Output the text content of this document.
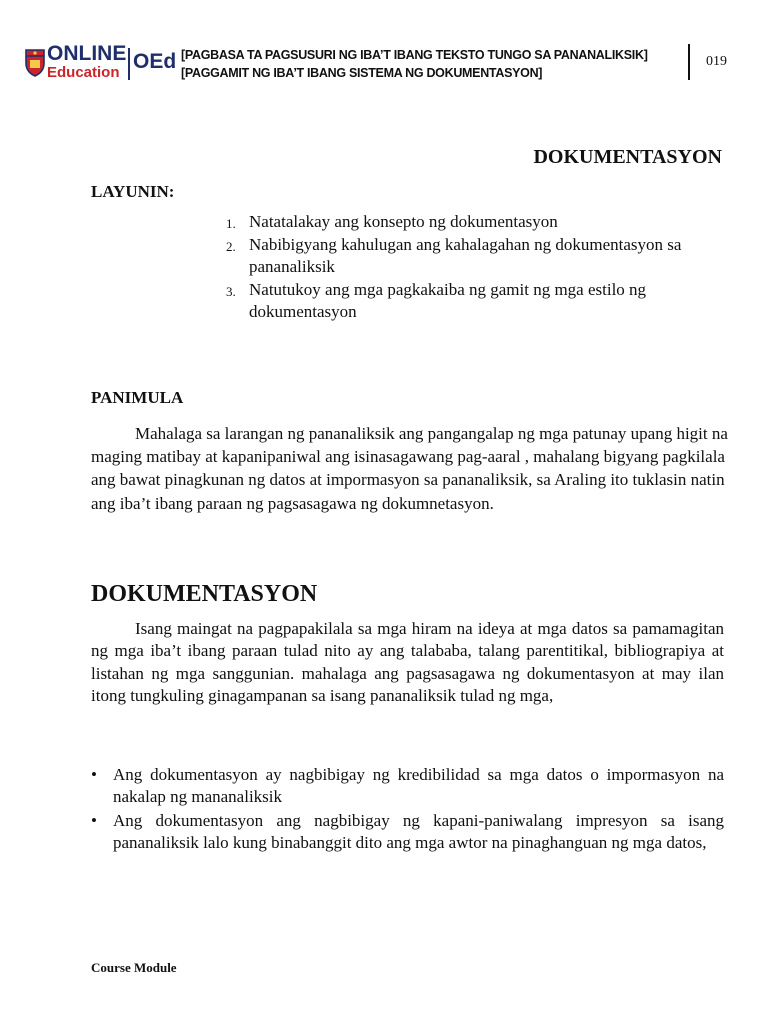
ONLINE
Education OEd [PAGBASA TA PAGSUSURI NG IBA’T IBANG TEKSTO TUNGO SA PANANALIKSIK]
[PAGGAMIT NG IBA’T IBANG SISTEMA NG DOKUMENTASYON]
019
DOKUMENTASYON
LAYUNIN:
1. Natatalakay ang konsepto ng dokumentasyon
2. Nabibigyang kahulugan ang kahalagahan ng dokumentasyon sa pananaliksik
3. Natutukoy ang mga pagkakaiba ng gamit ng mga estilo ng dokumentasyon
PANIMULA

Mahalaga sa larangan ng pananaliksik ang pangangalap ng mga patunay upang higit na maging matibay at kapanipaniwal ang isinasagawang pag-aaral , mahalang bigyang pagkilala ang bawat pinagkunan ng datos at impormasyon sa pananaliksik, sa Araling ito tuklasin natin ang iba’t ibang paraan ng pagsasagawa ng dokumnetasyon.

DOKUMENTASYON

Isang maingat na pagpapakilala sa mga hiram na ideya at mga datos sa pamamagitan ng mga iba’t ibang paraan tulad nito ay ang talababa, talang parentitikal, bibliograpiya at listahan ng mga sanggunian. mahalaga ang pagsasagawa ng dokumentasyon at may ilan itong tungkuling ginagampanan sa isang pananaliksik tulad ng mga,

• Ang dokumentasyon ay nagbibigay ng kredibilidad sa mga datos o impormasyon na nakalap ng mananaliksik
• Ang dokumentasyon ang nagbibigay ng kapani-paniwalang impresyon sa isang pananaliksik lalo kung binabanggit dito ang mga awtor na pinaghanguan ng mga datos,
Course Module
